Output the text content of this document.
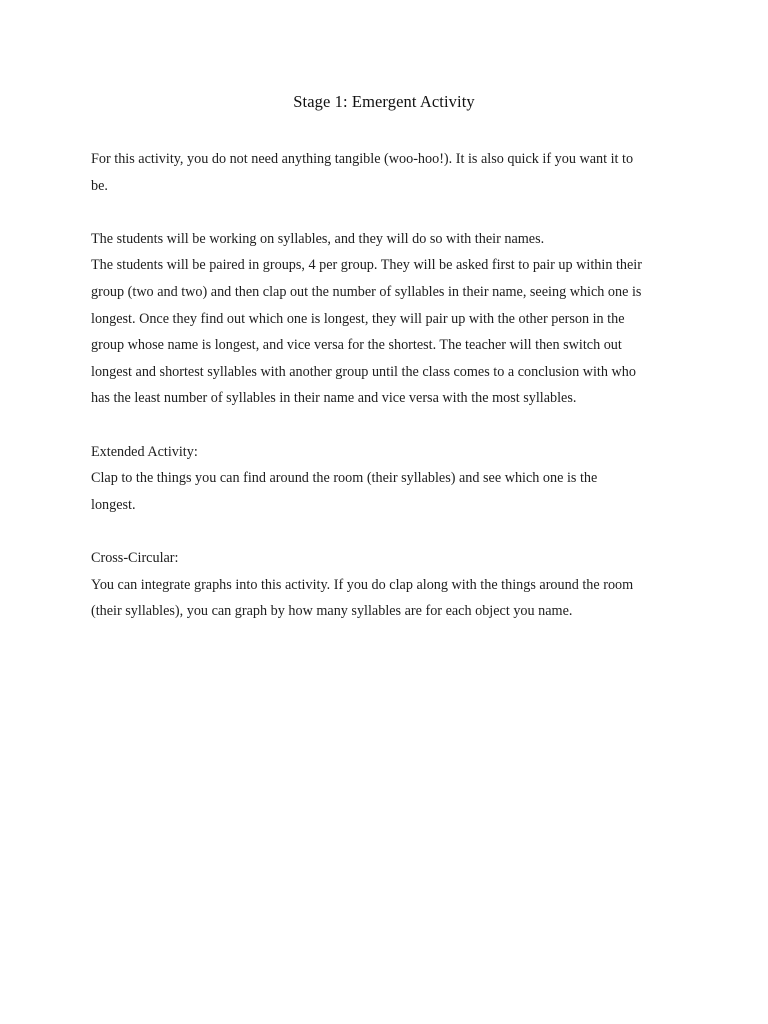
Stage 1: Emergent Activity

For this activity, you do not need anything tangible (woo-hoo!). It is also quick if you want it to

be.

The students will be working on syllables, and they will do so with their names.

The students will be paired in groups, 4 per group. They will be asked first to pair up within their

group (two and two) and then clap out the number of syllables in their name, seeing which one is

longest. Once they find out which one is longest, they will pair up with the other person in the

group whose name is longest, and vice versa for the shortest. The teacher will then switch out

longest and shortest syllables with another group until the class comes to a conclusion with who

has the least number of syllables in their name and vice versa with the most syllables.

Extended Activity:

Clap to the things you can find around the room (their syllables) and see which one is the

longest.

Cross-Circular:

You can integrate graphs into this activity. If you do clap along with the things around the room

(their syllables), you can graph by how many syllables are for each object you name.
